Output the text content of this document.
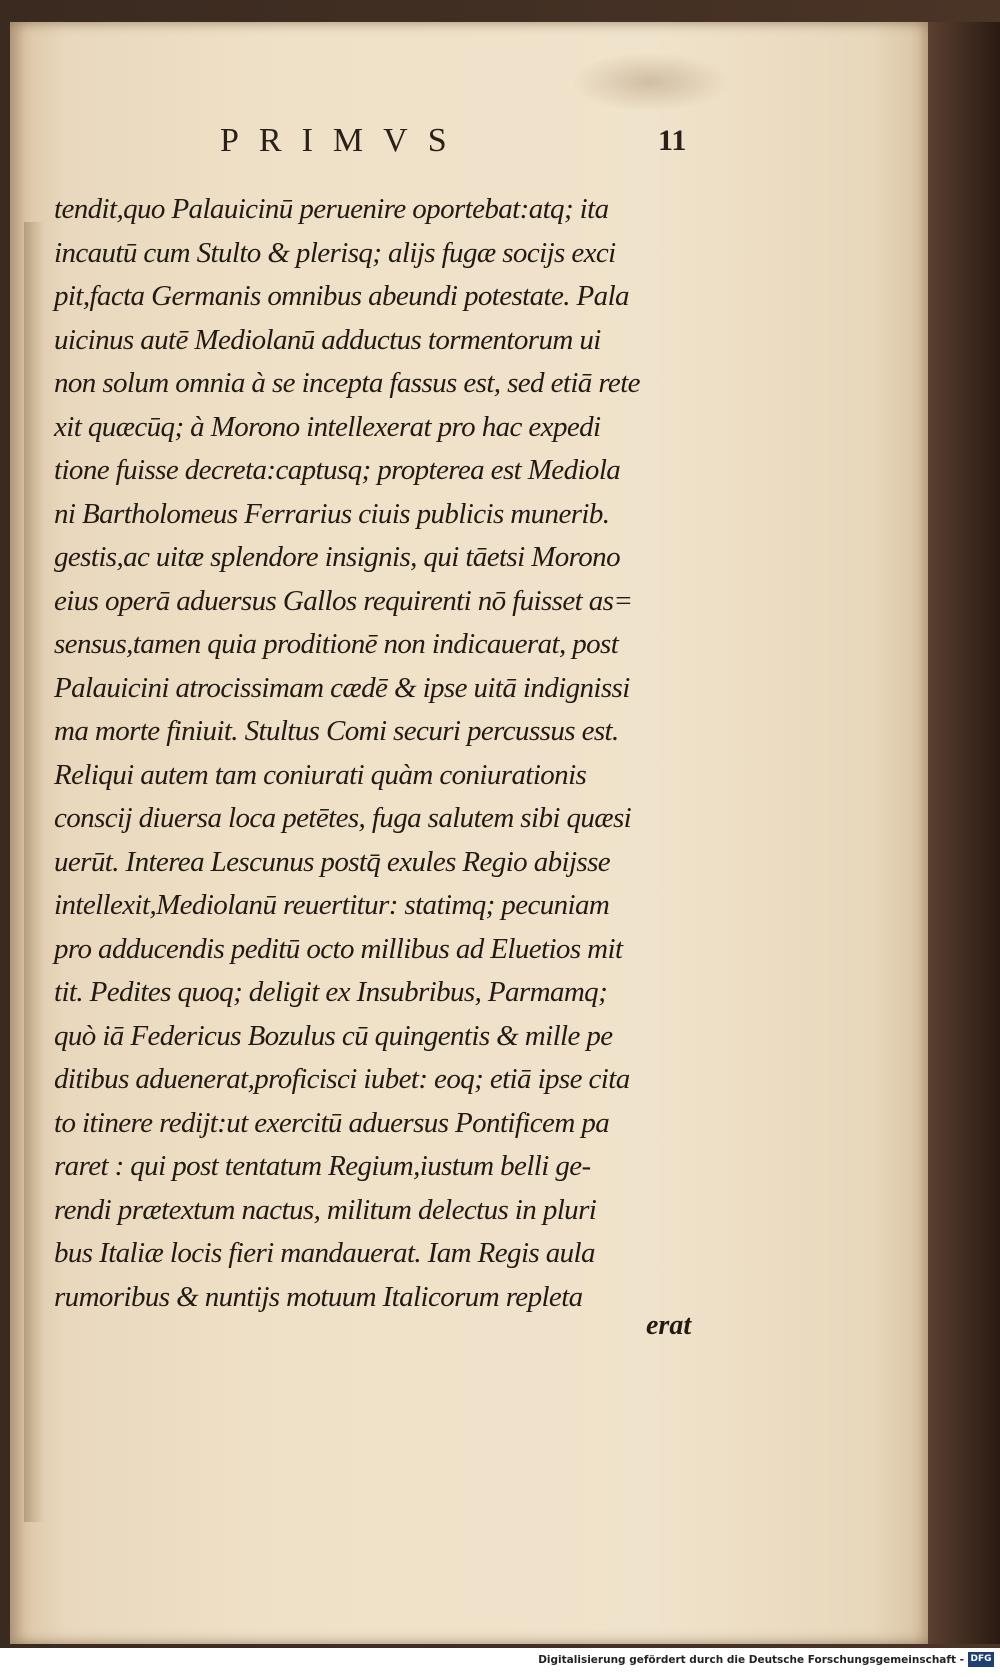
PRIMVS	11
tendit,quo Palauicinū peruenire oportebat:atq; ita
incautū cum Stulto & plerisq; alijs fugæ socijs exci
pit,facta Germanis omnibus abeundi potestate. Pala
uicinus autē Mediolanū adductus tormentorum ui
non solum omnia à se incepta fassus est, sed etiā rete
xit quæcūq; à Morono intellexerat pro hac expedi
tione fuisse decreta:captusq; propterea est Mediola
ni Bartholomeus Ferrarius ciuis publicis munerib.
gestis,ac uitæ splendore insignis, qui tāetsi Morono
eius operā aduersus Gallos requirenti nō fuisset as=
sensus,tamen quia proditionē non indicauerat, post
Palauicini atrocissimam cædē & ipse uitā indignissi
ma morte finiuit. Stultus Comi securi percussus est.
Reliqui autem tam coniurati quàm coniurationis
conscij diuersa loca petētes, fuga salutem sibi quæsi
uerūt. Interea Lescunus postq̄ exules Regio abijsse
intellexit,Mediolanū reuertitur: statimq; pecuniam
pro adducendis peditū octo millibus ad Eluetios mit
tit. Pedites quoq; deligit ex Insubribus, Parmamq;
quò iā Federicus Bozulus cū quingentis & mille pe
ditibus aduenerat,proficisci iubet: eoq; etiā ipse cita
to itinere redijt:ut exercitū aduersus Pontificem pa
raret : qui post tentatum Regium,iustum belli ge-
rendi prætextum nactus, militum delectus in pluri
bus Italiæ locis fieri mandauerat. Iam Regis aula
rumoribus & nuntijs motuum Italicorum repleta
erat
Digitalisierung gefördert durch die Deutsche Forschungsgemeinschaft - DFG
